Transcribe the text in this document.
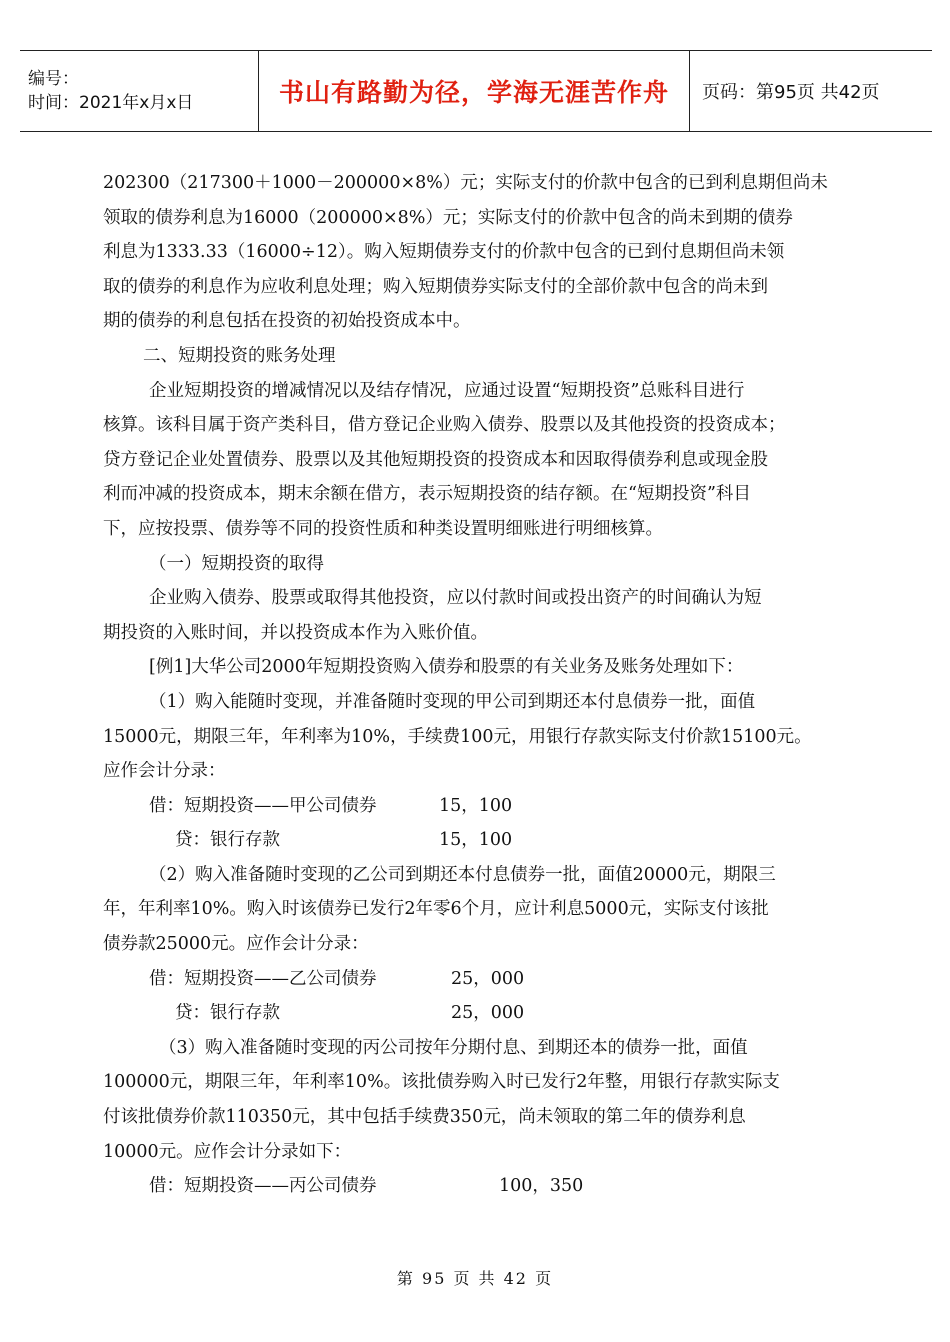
编号：
时间：2021年x月x日	书山有路勤为径，学海无涯苦作舟 页码：第95页 共42页

202300（217300＋1000－200000×8%）元；实际支付的价款中包含的已到利息期但尚未

领取的债券利息为16000（200000×8%）元；实际支付的价款中包含的尚未到期的债券

利息为1333.33（16000÷12）。购入短期债券支付的价款中包含的已到付息期但尚未领

取的债券的利息作为应收利息处理；购入短期债券实际支付的全部价款中包含的尚未到

期的债券的利息包括在投资的初始投资成本中。

二、短期投资的账务处理

企业短期投资的增减情况以及结存情况，应通过设置“短期投资”总账科目进行

核算。该科目属于资产类科目，借方登记企业购入债券、股票以及其他投资的投资成本；

贷方登记企业处置债券、股票以及其他短期投资的投资成本和因取得债券利息或现金股

利而冲减的投资成本，期末余额在借方，表示短期投资的结存额。在“短期投资”科目

下，应按投票、债券等不同的投资性质和种类设置明细账进行明细核算。

（一）短期投资的取得

企业购入债券、股票或取得其他投资，应以付款时间或投出资产的时间确认为短

期投资的入账时间，并以投资成本作为入账价值。

[例1]大华公司2000年短期投资购入债券和股票的有关业务及账务处理如下：

（1）购入能随时变现，并准备随时变现的甲公司到期还本付息债券一批，面值

15000元，期限三年，年利率为10%，手续费100元，用银行存款实际支付价款15100元。

应作会计分录：

借：短期投资——甲公司债券	15，100
贷：银行存款	15，100

（2）购入准备随时变现的乙公司到期还本付息债券一批，面值20000元，期限三

年，年利率10%。购入时该债券已发行2年零6个月，应计利息5000元，实际支付该批

债券款25000元。应作会计分录：

借：短期投资——乙公司债券	25，000
贷：银行存款	25，000

（3）购入准备随时变现的丙公司按年分期付息、到期还本的债券一批，面值

100000元，期限三年，年利率10%。该批债券购入时已发行2年整，用银行存款实际支

付该批债券价款110350元，其中包括手续费350元，尚未领取的第二年的债券利息

10000元。应作会计分录如下：

借：短期投资——丙公司债券	100，350
第 95 页 共 42 页
